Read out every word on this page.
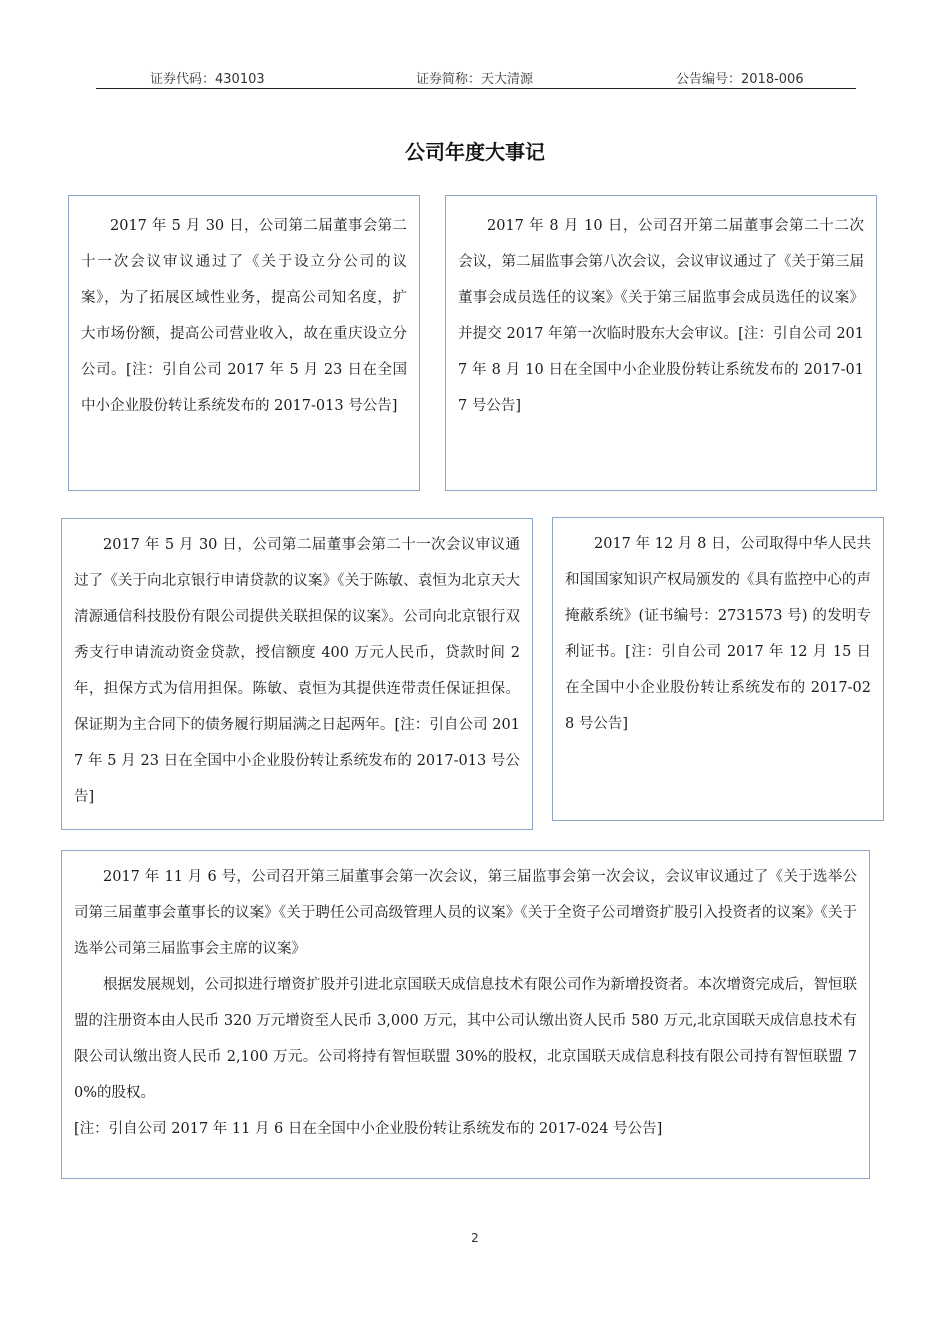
证券代码：430103	证券简称：天大清源	公告编号：2018-006
公司年度大事记

2017 年 5 月 30 日，公司第二届董事会第二十一次会议审议通过了《关于设立分公司的议案》，为了拓展区域性业务，提高公司知名度，扩大市场份额，提高公司营业收入，故在重庆设立分公司。[注：引自公司 2017 年 5 月 23 日在全国中小企业股份转让系统发布的 2017-013 号公告]

2017 年 8 月 10 日，公司召开第二届董事会第二十二次会议，第二届监事会第八次会议，会议审议通过了《关于第三届董事会成员选任的议案》《关于第三届监事会成员选任的议案》并提交 2017 年第一次临时股东大会审议。[注：引自公司 2017 年 8 月 10 日在全国中小企业股份转让系统发布的 2017-017 号公告]

2017 年 5 月 30 日，公司第二届董事会第二十一次会议审议通过了《关于向北京银行申请贷款的议案》《关于陈敏、袁恒为北京天大清源通信科技股份有限公司提供关联担保的议案》。公司向北京银行双秀支行申请流动资金贷款，授信额度 400 万元人民币，贷款时间 2 年，担保方式为信用担保。陈敏、袁恒为其提供连带责任保证担保。保证期为主合同下的债务履行期届满之日起两年。[注：引自公司 2017 年 5 月 23 日在全国中小企业股份转让系统发布的 2017-013 号公告]

2017 年 12 月 8 日，公司取得中华人民共和国国家知识产权局颁发的《具有监控中心的声掩蔽系统》(证书编号：2731573 号) 的发明专利证书。[注：引自公司 2017 年 12 月 15 日在全国中小企业股份转让系统发布的 2017-028 号公告]

2017 年 11 月 6 号，公司召开第三届董事会第一次会议，第三届监事会第一次会议，会议审议通过了《关于选举公司第三届董事会董事长的议案》《关于聘任公司高级管理人员的议案》《关于全资子公司增资扩股引入投资者的议案》《关于选举公司第三届监事会主席的议案》

根据发展规划，公司拟进行增资扩股并引进北京国联天成信息技术有限公司作为新增投资者。本次增资完成后，智恒联盟的注册资本由人民币 320 万元增资至人民币 3,000 万元，其中公司认缴出资人民币 580 万元,北京国联天成信息技术有限公司认缴出资人民币 2,100 万元。公司将持有智恒联盟 30%的股权，北京国联天成信息科技有限公司持有智恒联盟 70%的股权。

[注：引自公司 2017 年 11 月 6 日在全国中小企业股份转让系统发布的 2017-024 号公告]

2
